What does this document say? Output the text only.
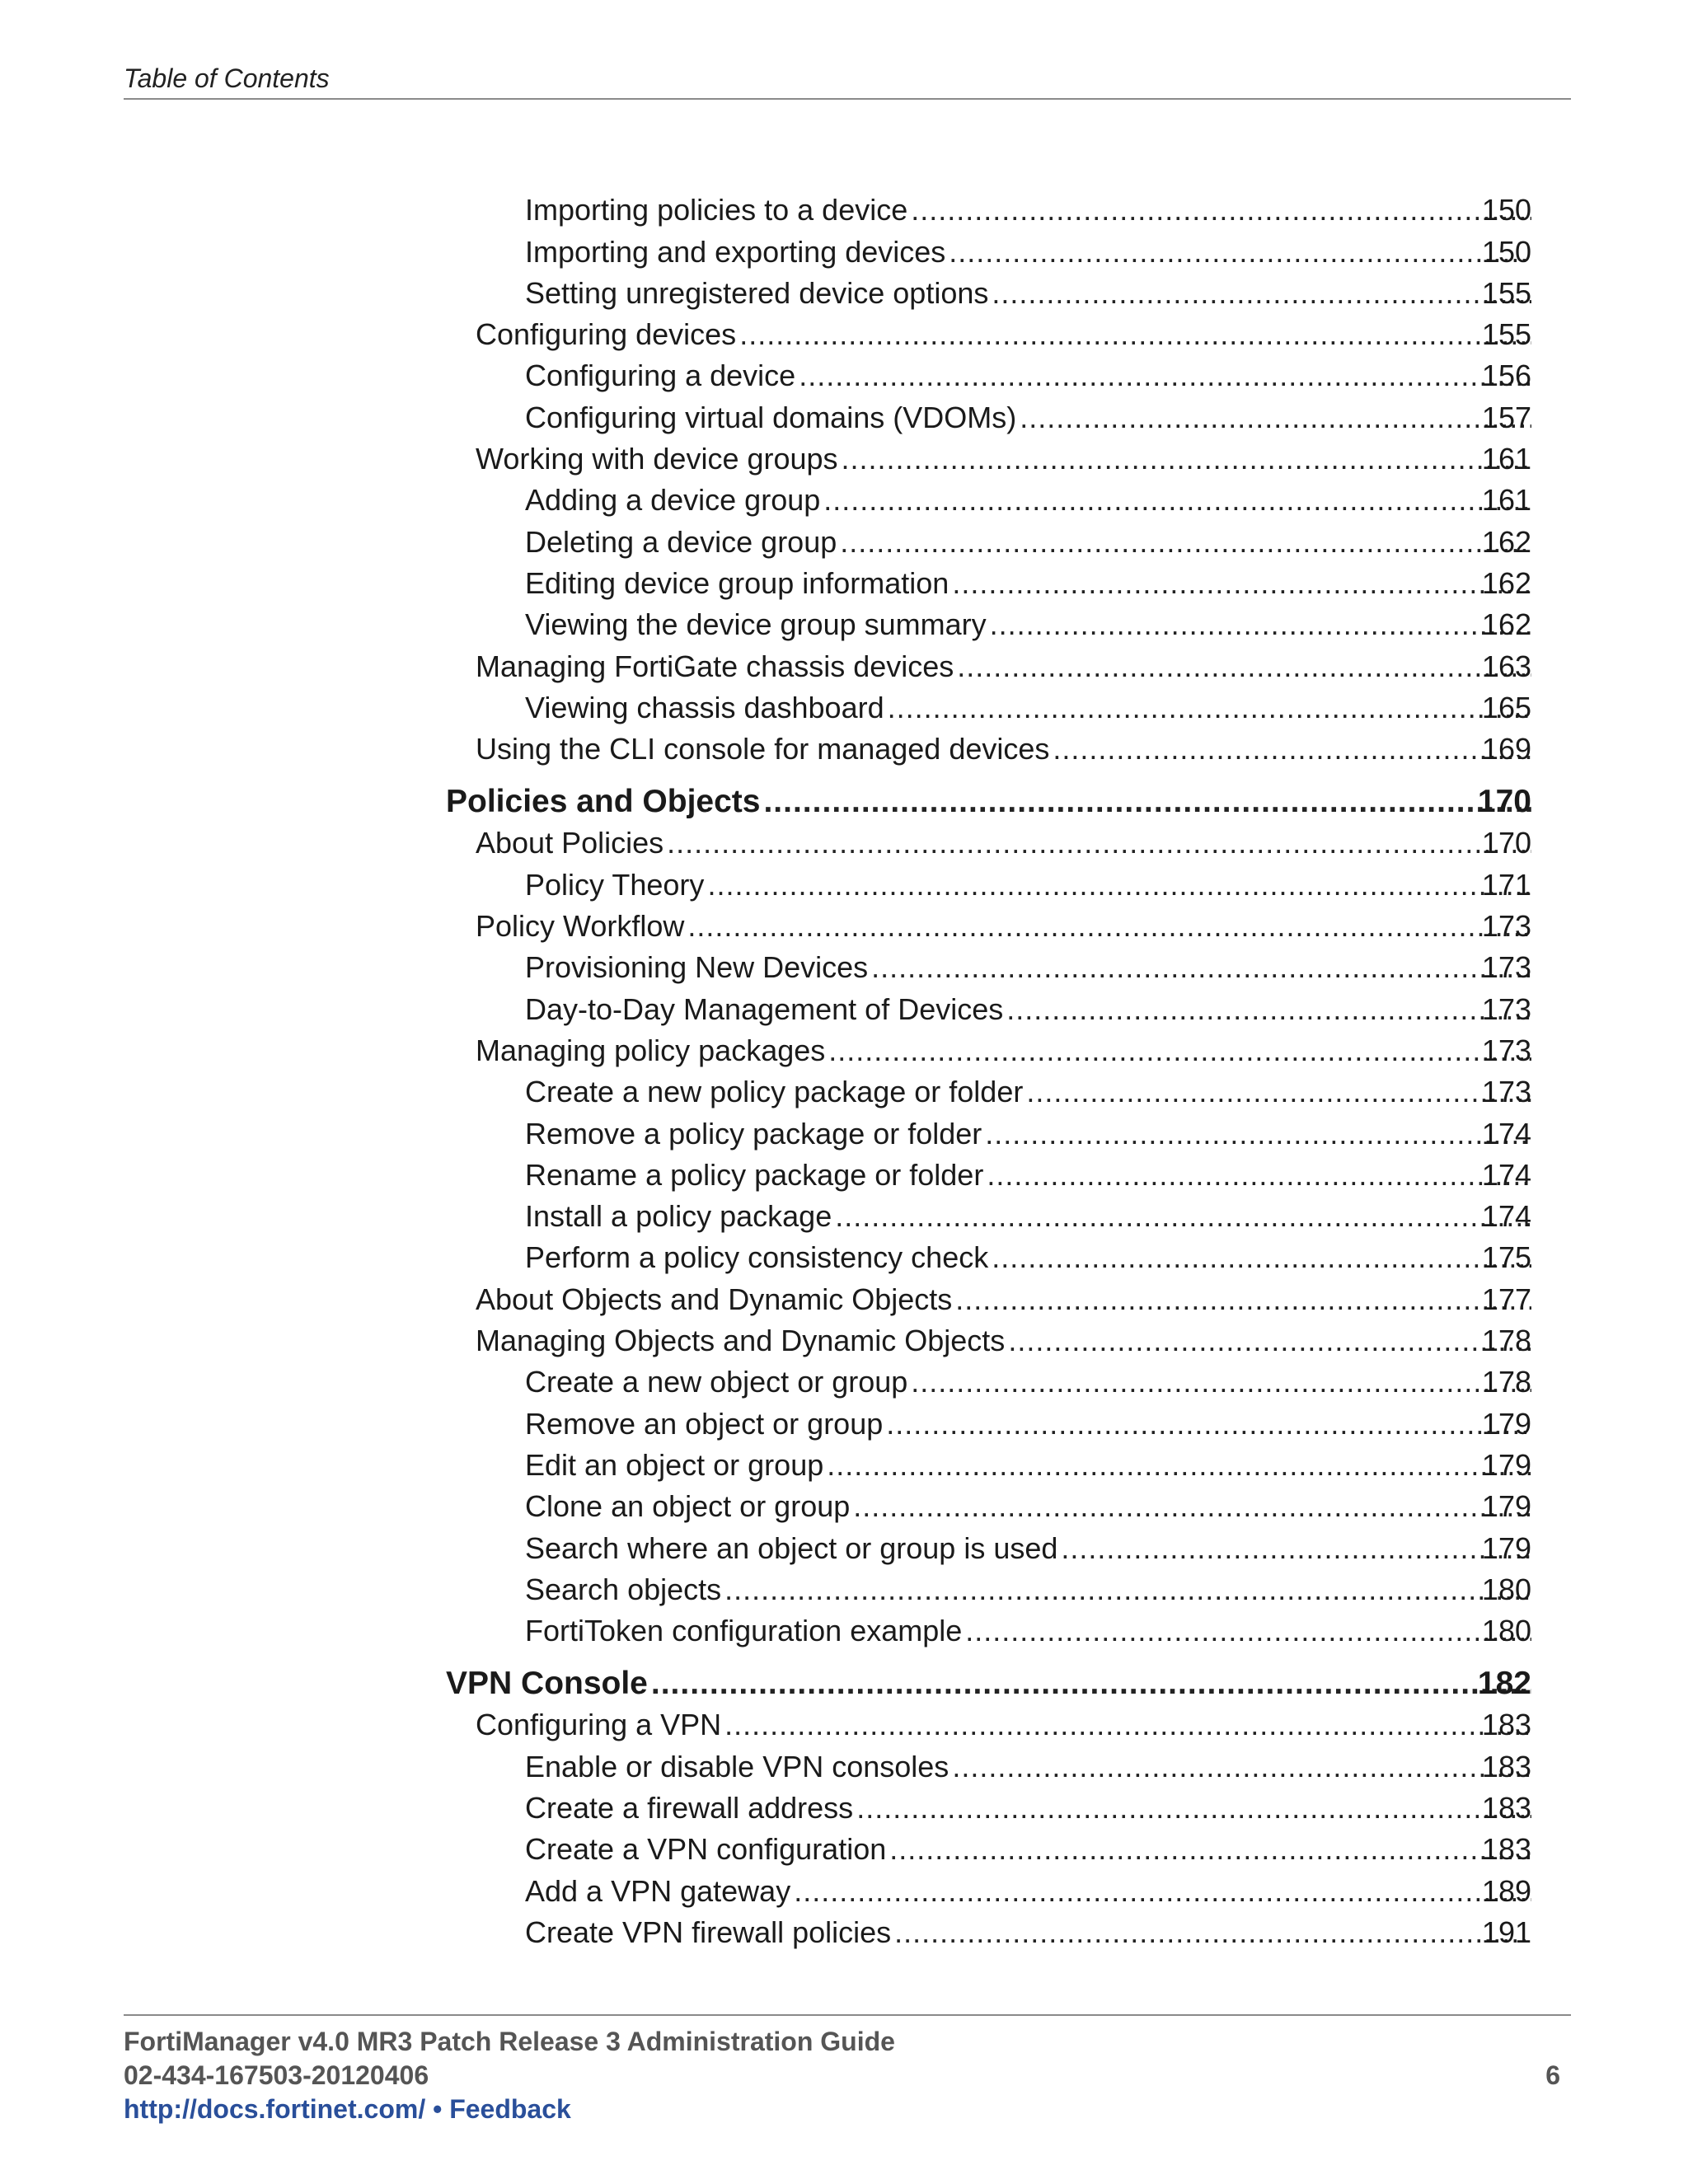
Table of Contents
Importing policies to a device .....	150
Importing and exporting devices .....	150
Setting unregistered device options .....	155
Configuring devices .....	155
Configuring a device .....	156
Configuring virtual domains (VDOMs) .....	157
Working with device groups .....	161
Adding a device group .....	161
Deleting a device group .....	162
Editing device group information .....	162
Viewing the device group summary .....	162
Managing FortiGate chassis devices .....	163
Viewing chassis dashboard .....	165
Using the CLI console for managed devices .....	169
Policies and Objects .....	170
About Policies .....	170
Policy Theory .....	171
Policy Workflow .....	173
Provisioning New Devices .....	173
Day-to-Day Management of Devices .....	173
Managing policy packages .....	173
Create a new policy package or folder .....	173
Remove a policy package or folder .....	174
Rename a policy package or folder .....	174
Install a policy package .....	174
Perform a policy consistency check .....	175
About Objects and Dynamic Objects .....	177
Managing Objects and Dynamic Objects .....	178
Create a new object or group .....	178
Remove an object or group .....	179
Edit an object or group .....	179
Clone an object or group .....	179
Search where an object or group is used .....	179
Search objects .....	180
FortiToken configuration example .....	180
VPN Console .....	182
Configuring a VPN .....	183
Enable or disable VPN consoles .....	183
Create a firewall address .....	183
Create a VPN configuration .....	183
Add a VPN gateway .....	189
Create VPN firewall policies .....	191
FortiManager v4.0 MR3 Patch Release 3 Administration Guide
02-434-167503-20120406	6
http://docs.fortinet.com/ • Feedback
